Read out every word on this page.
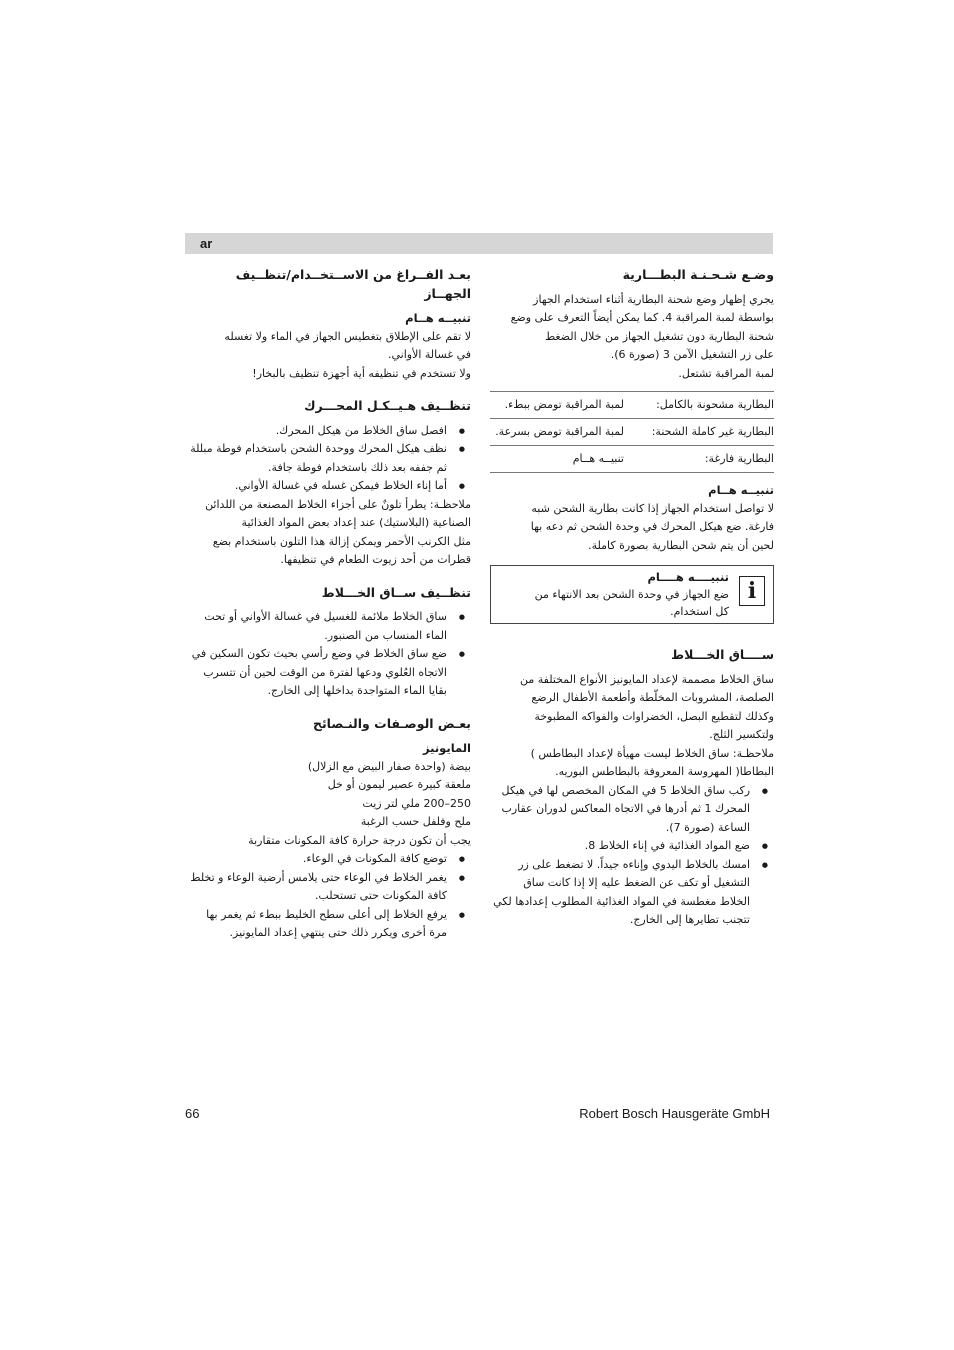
ar

وضـع شـحـنـة البطـــارية

يجري إظهار وضع شحنة البطارية أثناء استخدام الجهاز

بواسطة لمبة المراقبة 4. كما يمكن أيضاً التعرف على وضع

شحنة البطارية دون تشغيل الجهاز من خلال الضغط

على زر التشغيل الآمن 3 (صورة 6).

لمبة المراقبة تشتعل.

البطارية مشحونة بالكامل:
لمبة المراقبة تومض ببطء.
البطارية غير كاملة الشحنة:
لمبة المراقبة تومض بسرعة.
البطارية فارغة:
تنبيــه هــام

تنبيــه هــام

لا تواصل استخدام الجهاز إذا كانت بطارية الشحن شبه

فارغة. ضع هيكل المحرك في وحدة الشحن ثم دعه بها

لحين أن يتم شحن البطارية بصورة كاملة.

i

تنبيــــه هــــام

ضع الجهاز في وحدة الشحن بعد الانتهاء من

كل استخدام.

ســــاق الخـــلاط

ساق الخلاط مصممة لإعداد المايونيز الأنواع المختلفة من

الصلصة، المشروبات المخلّطة وأطعمة الأطفال الرضع

وكذلك لتقطيع البصل، الخضراوات والفواكه المطبوخة

ولتكسير الثلج.

ملاحظـة: ساق الخلاط ليست مهيأة لإعداد البطاطس )

البطاطا( المهروسة المعروفة بالبطاطس البوريه.

● ركب ساق الخلاط 5 في المكان المخصص لها في هيكل المحرك 1 ثم أدرها في الاتجاه المعاكس لدوران عقارب الساعة (صورة 7).
● ضع المواد الغذائية في إناء الخلاط 8.
● امسك بالخلاط اليدوي وإناءه جيداً. لا تضغط على زر التشغيل أو تكف عن الضغط عليه إلا إذا كانت ساق الخلاط مغطسة في المواد الغذائية المطلوب إعدادها لكي تتجنب تطايرها إلى الخارج.

بعـد الفــراغ من الاســتخــدام/تنظــيف الجهــاز

تنبيــه هــام

لا تقم على الإطلاق بتغطيس الجهاز في الماء ولا تغسله

في غسالة الأواني.

ولا تستخدم في تنظيفه أية أجهزة تنظيف بالبخار!

تنظــيف هـيــكـل المحـــرك

● افصل ساق الخلاط من هيكل المحرك.
● نظف هيكل المحرك ووحدة الشحن باستخدام فوطة مبللة ثم جففه بعد ذلك باستخدام فوطة جافة.
● أما إناء الخلاط فيمكن غسله في غسالة الأواني.

ملاحظـة: يطرأ تلونٌ على أجزاء الخلاط المصنعة من اللدائن

الصناعية (البلاستيك) عند إعداد بعض المواد الغذائية

مثل الكرنب الأحمر ويمكن إزالة هذا التلون باستخدام بضع

قطرات من أحد زيوت الطعام في تنظيفها.

تنظــيف ســاق الخـــلاط

● ساق الخلاط ملائمة للغسيل في غسالة الأواني أو تحت الماء المنساب من الصنبور.
● ضع ساق الخلاط في وضع رأسي بحيث تكون السكين في الاتجاه العُلوي ودعها لفترة من الوقت لحين أن تتسرب بقايا الماء المتواجدة بداخلها إلى الخارج.

بعـض الوصـفات والنـصائح

المايونيز

بيضة (واحدة صفار البيض مع الزلال)

ملعقة كبيرة عصير ليمون أو خل

250–200 ملي لتر زيت

ملح وفلفل حسب الرغبة

يجب أن تكون درجة حرارة كافة المكونات متقاربة

● توضع كافة المكونات في الوعاء.
● يغمر الخلاط في الوعاء حتى يلامس أرضية الوعاء و تخلط كافة المكونات حتى تستحلب.
● يرفع الخلاط إلى أعلى سطح الخليط ببطء ثم يغمر بها مرة أخرى ويكرر ذلك حتى ينتهي إعداد المايونيز.
66	Robert Bosch Hausgeräte GmbH
